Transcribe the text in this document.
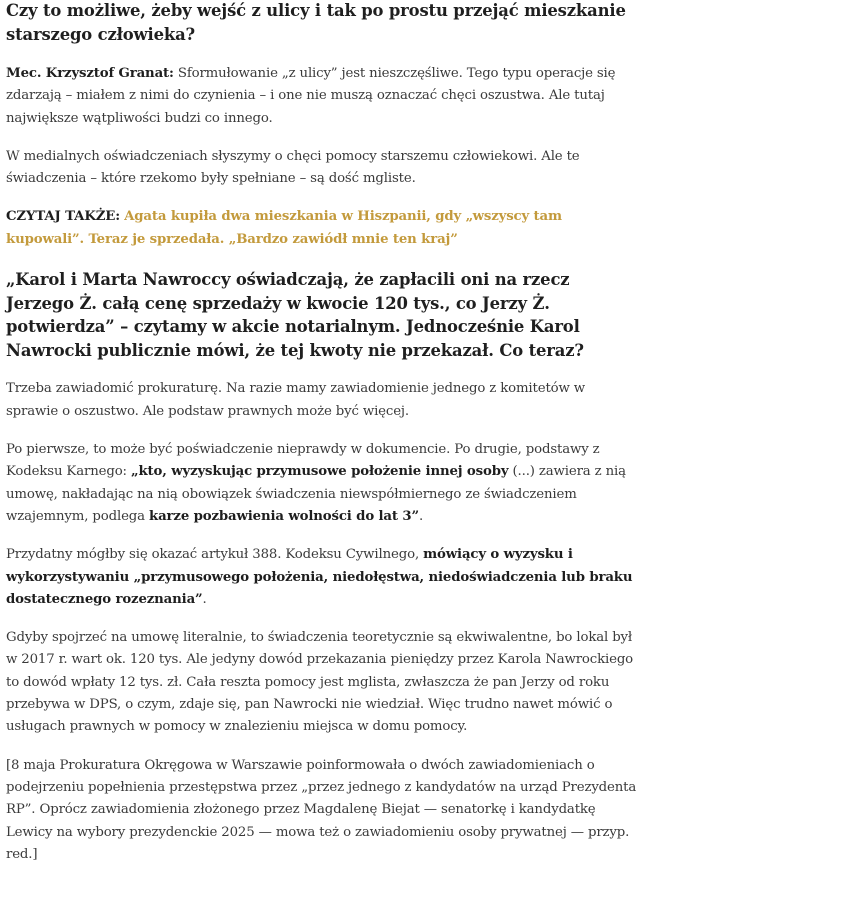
Czy to możliwe, żeby wejść z ulicy i tak po prostu przejąć mieszkanie starszego człowieka?

Mec. Krzysztof Granat: Sformułowanie „z ulicy” jest nieszczęśliwe. Tego typu operacje się zdarzają – miałem z nimi do czynienia – i one nie muszą oznaczać chęci oszustwa. Ale tutaj największe wątpliwości budzi co innego.

W medialnych oświadczeniach słyszymy o chęci pomocy starszemu człowiekowi. Ale te świadczenia – które rzekomo były spełniane – są dość mgliste.

CZYTAJ TAKŻE: Agata kupiła dwa mieszkania w Hiszpanii, gdy „wszyscy tam kupowali”. Teraz je sprzedała. „Bardzo zawiódł mnie ten kraj”

„Karol i Marta Nawroccy oświadczają, że zapłacili oni na rzecz Jerzego Ż. całą cenę sprzedaży w kwocie 120 tys., co Jerzy Ż. potwierdza” – czytamy w akcie notarialnym. Jednocześnie Karol Nawrocki publicznie mówi, że tej kwoty nie przekazał. Co teraz?

Trzeba zawiadomić prokuraturę. Na razie mamy zawiadomienie jednego z komitetów w sprawie o oszustwo. Ale podstaw prawnych może być więcej.

Po pierwsze, to może być poświadczenie nieprawdy w dokumencie. Po drugie, podstawy z Kodeksu Karnego: „kto, wyzyskując przymusowe położenie innej osoby (...) zawiera z nią umowę, nakładając na nią obowiązek świadczenia niewspółmiernego ze świadczeniem wzajemnym, podlega karze pozbawienia wolności do lat 3”.

Przydatny mógłby się okazać artykuł 388. Kodeksu Cywilnego, mówiący o wyzysku i wykorzystywaniu „przymusowego położenia, niedołęstwa, niedoświadczenia lub braku dostatecznego rozeznania”.

Gdyby spojrzeć na umowę literalnie, to świadczenia teoretycznie są ekwiwalentne, bo lokal był w 2017 r. wart ok. 120 tys. Ale jedyny dowód przekazania pieniędzy przez Karola Nawrockiego to dowód wpłaty 12 tys. zł. Cała reszta pomocy jest mglista, zwłaszcza że pan Jerzy od roku przebywa w DPS, o czym, zdaje się, pan Nawrocki nie wiedział. Więc trudno nawet mówić o usługach prawnych w pomocy w znalezieniu miejsca w domu pomocy.

[8 maja Prokuratura Okręgowa w Warszawie poinformowała o dwóch zawiadomieniach o podejrzeniu popełnienia przestępstwa przez „przez jednego z kandydatów na urząd Prezydenta RP”. Oprócz zawiadomienia złożonego przez Magdalenę Biejat — senatorkę i kandydatkę Lewicy na wybory prezydenckie 2025 — mowa też o zawiadomieniu osoby prywatnej — przyp. red.]
